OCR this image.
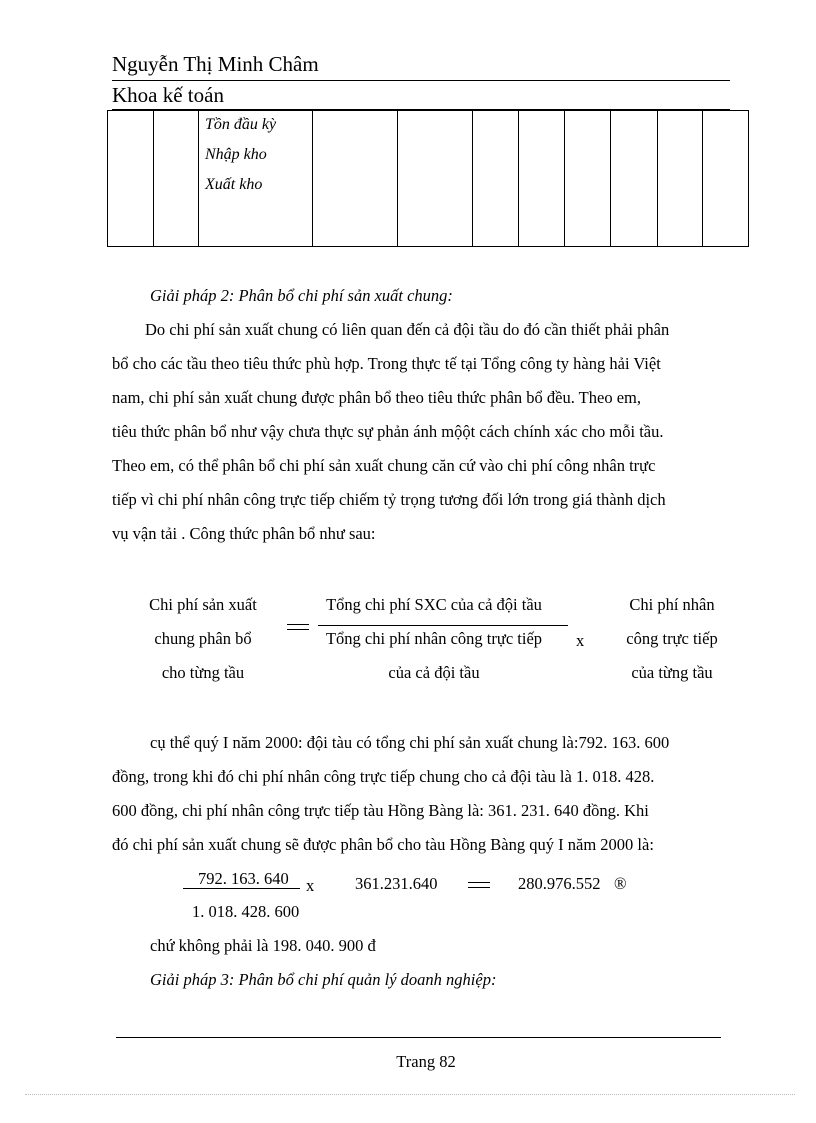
Nguyễn Thị Minh Châm
Khoa kế toán

Tồn đầu kỳ
Nhập kho
Xuất kho

Giải pháp 2: Phân bổ chi phí sản xuất chung:
Do chi phí sản xuất chung có liên quan đến cả đội tầu do đó cần thiết phải phân
bổ cho các tầu theo tiêu thức phù hợp. Trong thực tế tại Tổng công ty hàng hải Việt
nam, chi phí sản xuất chung được phân bổ theo tiêu thức phân bổ đều. Theo em,
tiêu thức phân bổ như vậy chưa thực sự phản ánh mộột cách chính xác cho mỗi tầu.
Theo em, có thể phân bổ chi phí sản xuất chung căn cứ vào chi phí công nhân trực
tiếp vì chi phí nhân công trực tiếp chiếm tỷ trọng tương đối lớn trong giá thành dịch
vụ vận tải . Công thức phân bổ như sau:
Chi phí sản xuất
chung phân bổ
cho từng tầu
Tổng chi phí SXC của cả đội tầu
Tổng chi phí nhân công trực tiếp
của cả đội tầu
x
Chi phí nhân
công trực tiếp
của từng tầu
cụ thể quý I năm 2000: đội tàu có tổng chi phí sản xuất chung là:792. 163. 600
đồng, trong khi đó chi phí nhân công trực tiếp chung cho cả đội tàu là 1. 018. 428.
600 đồng, chi phí nhân công trực tiếp tàu Hồng Bàng là: 361. 231. 640 đồng. Khi
đó chi phí sản xuất chung sẽ được phân bổ cho tàu Hồng Bàng quý I năm 2000 là:
792. 163. 640 x 361.231.640	280.976.552 ®
1. 018. 428. 600
chứ không phải là 198. 040. 900 đ
Giải pháp 3: Phân bổ chi phí quản lý doanh nghiệp:
Trang 82
